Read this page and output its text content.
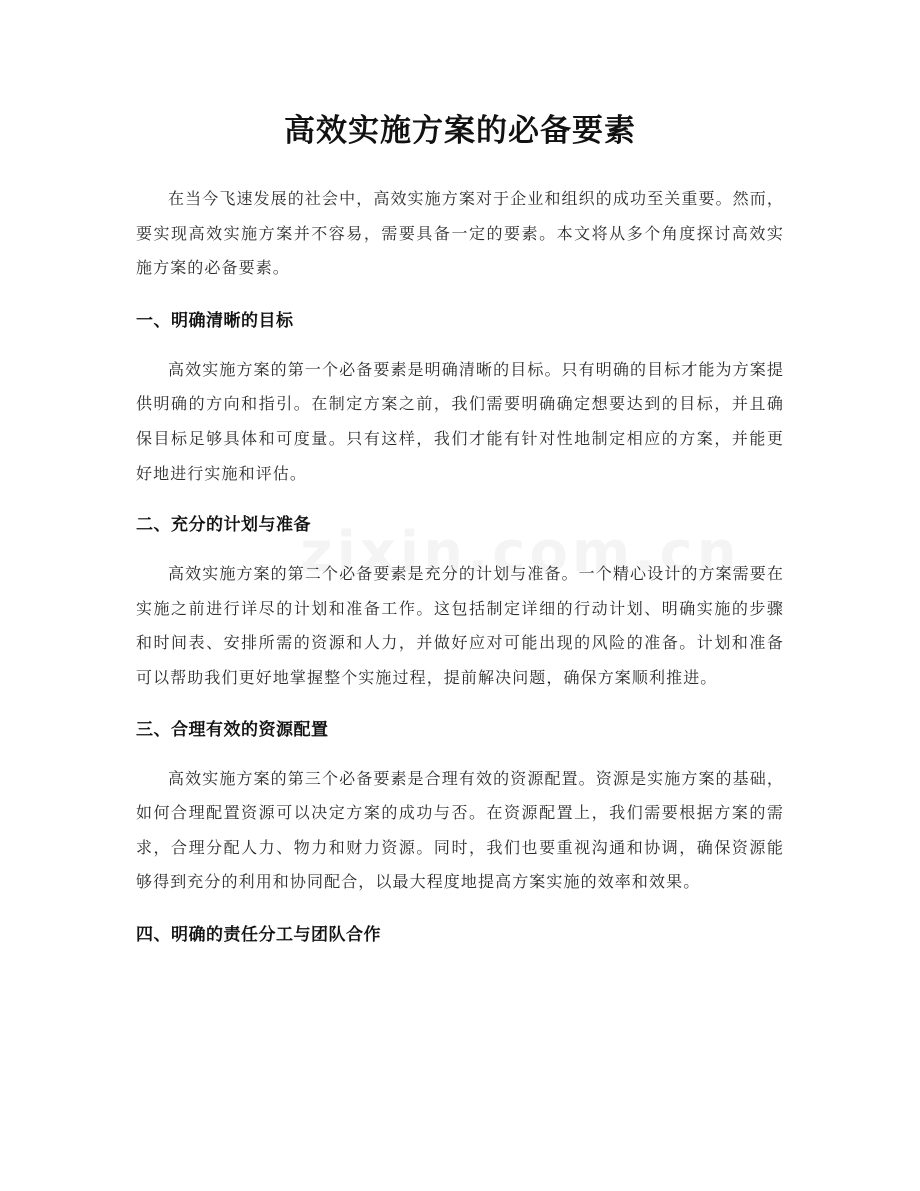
高效实施方案的必备要素

在当今飞速发展的社会中，高效实施方案对于企业和组织的成功至关重要。然而，要实现高效实施方案并不容易，需要具备一定的要素。本文将从多个角度探讨高效实施方案的必备要素。

一、明确清晰的目标

高效实施方案的第一个必备要素是明确清晰的目标。只有明确的目标才能为方案提供明确的方向和指引。在制定方案之前，我们需要明确确定想要达到的目标，并且确保目标足够具体和可度量。只有这样，我们才能有针对性地制定相应的方案，并能更好地进行实施和评估。

二、充分的计划与准备

高效实施方案的第二个必备要素是充分的计划与准备。一个精心设计的方案需要在实施之前进行详尽的计划和准备工作。这包括制定详细的行动计划、明确实施的步骤和时间表、安排所需的资源和人力，并做好应对可能出现的风险的准备。计划和准备可以帮助我们更好地掌握整个实施过程，提前解决问题，确保方案顺利推进。

三、合理有效的资源配置

高效实施方案的第三个必备要素是合理有效的资源配置。资源是实施方案的基础，如何合理配置资源可以决定方案的成功与否。在资源配置上，我们需要根据方案的需求，合理分配人力、物力和财力资源。同时，我们也要重视沟通和协调，确保资源能够得到充分的利用和协同配合，以最大程度地提高方案实施的效率和效果。

四、明确的责任分工与团队合作
